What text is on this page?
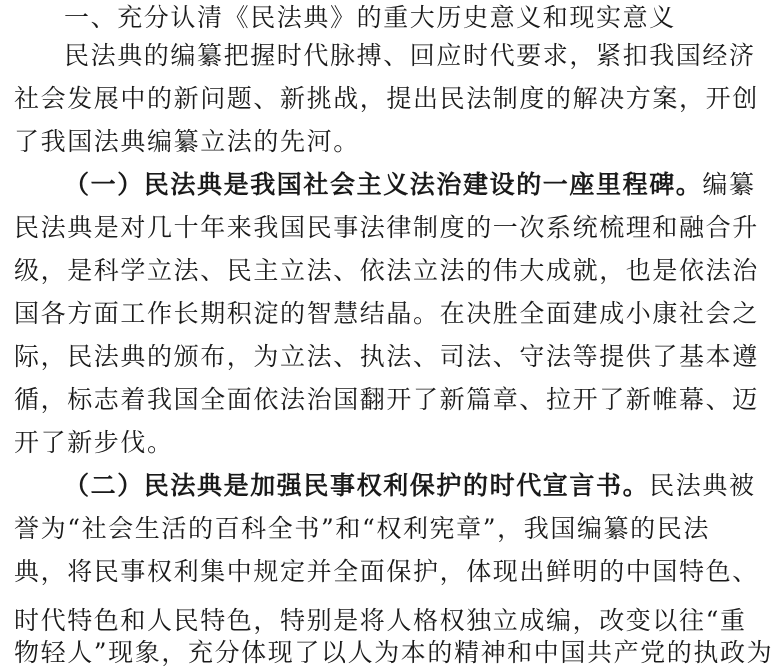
一、充分认清《民法典》的重大历史意义和现实意义
民法典的编纂把握时代脉搏、回应时代要求，紧扣我国经济
社会发展中的新问题、新挑战，提出民法制度的解决方案，开创
了我国法典编纂立法的先河。
（一）民法典是我国社会主义法治建设的一座里程碑。编纂
民法典是对几十年来我国民事法律制度的一次系统梳理和融合升
级，是科学立法、民主立法、依法立法的伟大成就，也是依法治
国各方面工作长期积淀的智慧结晶。在决胜全面建成小康社会之
际，民法典的颁布，为立法、执法、司法、守法等提供了基本遵
循，标志着我国全面依法治国翻开了新篇章、拉开了新帷幕、迈
开了新步伐。
（二）民法典是加强民事权利保护的时代宣言书。民法典被
誉为“社会生活的百科全书”和“权利宪章”，我国编纂的民法
典，将民事权利集中规定并全面保护，体现出鲜明的中国特色、
时代特色和人民特色，特别是将人格权独立成编，改变以往“重
物轻人”现象，充分体现了以人为本的精神和中国共产党的执政为
